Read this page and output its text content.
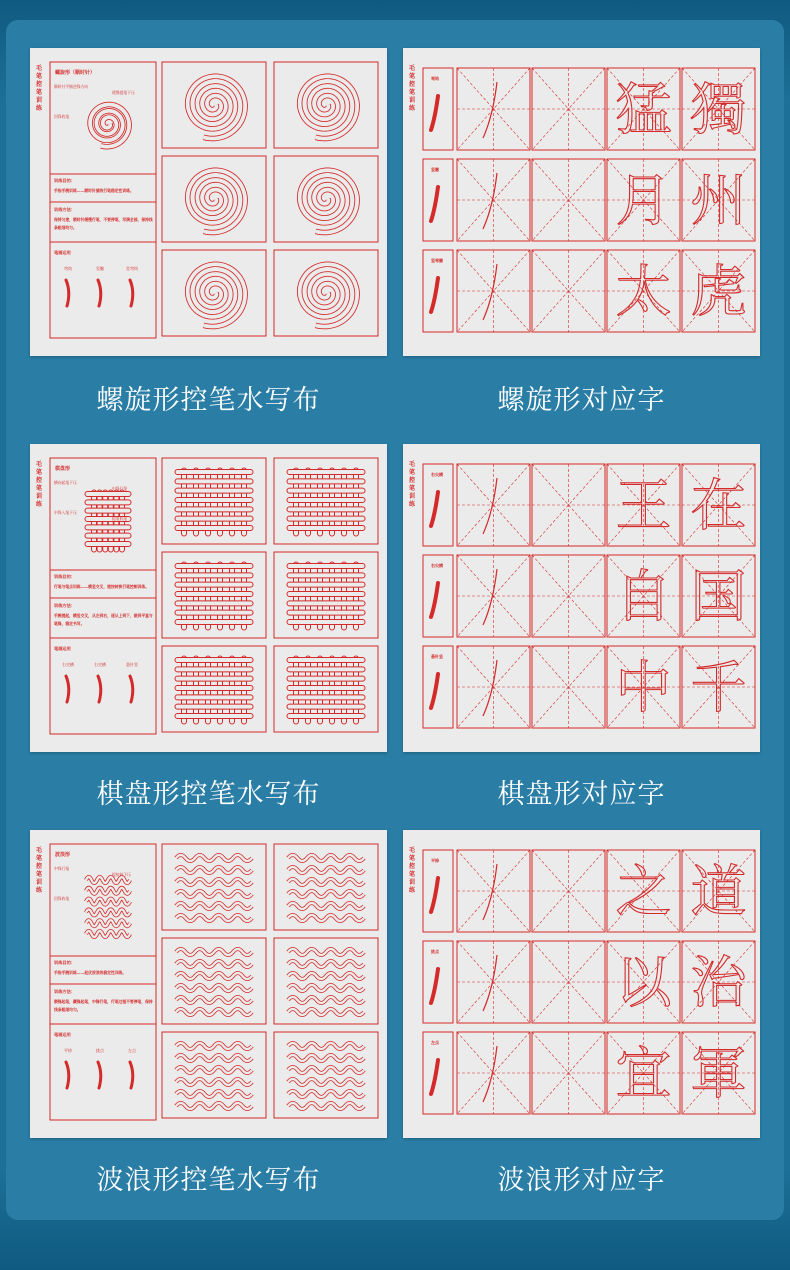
毛
笔
控
笔
训
练
螺旋形（顺时针）
顺时针平铺逆锋方向
缓慢提笔下压
回锋收笔
训练目的：
手指手腕训练——顺时针循线行笔稳定性训练。
训练方法：
保持匀速，顺时针缓慢行笔，不要停笔，写满全部，保持线条粗细均匀。
笔画运用
弯钩	竖撇	竖弯钩
螺旋形控笔水写布
毛
笔
控
笔
训
练
弯钩	猛 獨
竖撇	月 州
竖弯撇	太 虎
螺旋形对应字
毛
笔
控
笔
训
练
棋盘形
横向起笔下压
中锋行笔
中锋入笔下压
提笔收笔
训练目的：
行笔与笔点训练——横竖交叉，提按转换行笔控制训练。
训练方法：
手腕提起，横竖交叉，从左到右，逐从上到下，做到平直与笔锋，稳定书写。
笔画运用
右尖横	右尖横	悬针竖
棋盘形控笔水写布
毛
笔
控
笔
训
练
右尖横	王 在
右尖横	自 国
悬针竖	中 千
棋盘形对应字
毛
笔
控
笔
训
练
波浪形
中锋行笔
提按转下压
回锋收笔
训练目的：
手指手腕训练——起伏波浪线稳定性训练。
训练方法：
顺锋起笔，藏锋起笔，中锋行笔，行笔过程不要停笔，保持线条粗细均匀。
笔画运用
平捺	挑点	左点
波浪形控笔水写布
毛
笔
控
笔
训
练
平捺	之 道
挑点	以 治
左点	宜 軍
波浪形对应字
